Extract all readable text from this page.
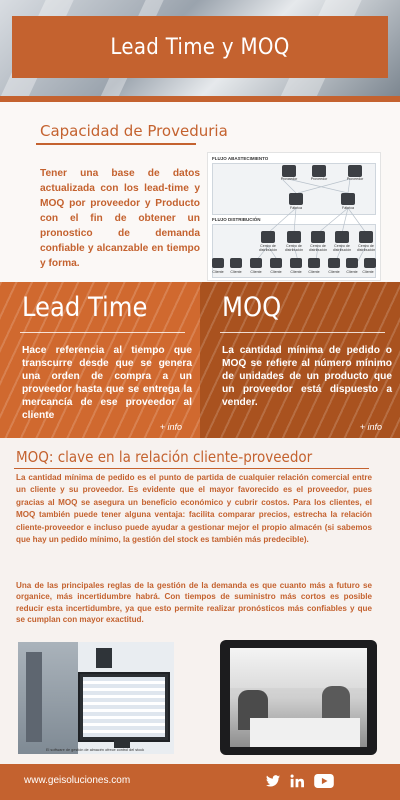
Lead Time y MOQ
Capacidad de Proveduria
Tener una base de datos actualizada con los lead-time y MOQ por proveedor y Producto con el fin de obtener un pronostico de demanda confiable y alcanzable en tiempo y forma.
FLUJO ABASTECIMIENTO
FLUJO DISTRIBUCIÓN
Proveedor	Proveedor	Proveedor
Fábrica	Fábrica
Centro de distribución
Centro de distribución
Centro de distribución
Centro de distribución
Centro de distribución
Cliente	Cliente	Cliente	Cliente	Cliente	Cliente	Cliente	Cliente	Cliente
Lead Time
Hace referencia al tiempo que transcurre desde que se genera una orden de compra a un proveedor hasta que se entrega la mercancía de ese proveedor al cliente
+ info
MOQ
La cantidad mínima de pedido o MOQ se refiere al número mínimo de unidades de un producto que un proveedor está dispuesto a vender.
+ info
MOQ: clave en la relación cliente-proveedor
La cantidad mínima de pedido es el punto de partida de cualquier relación comercial entre un cliente y su proveedor. Es evidente que el mayor favorecido es el proveedor, pues gracias al MOQ se asegura un beneficio económico y cubrir costos. Para los clientes, el MOQ también puede tener alguna ventaja: facilita comparar precios, estrecha la relación cliente-proveedor e incluso puede ayudar a gestionar mejor el propio almacén (si sabemos que hay un pedido mínimo, la gestión del stock es también más predecible).
Una de las principales reglas de la gestión de la demanda es que cuanto más a futuro se organice, más incertidumbre habrá. Con tiempos de suministro más cortos es posible reducir esta incertidumbre, ya que esto permite realizar pronósticos más confiables y que se cumplan con mayor exactitud.
El software de gestión de almacén ofrece control del stock
www.geisoluciones.com
